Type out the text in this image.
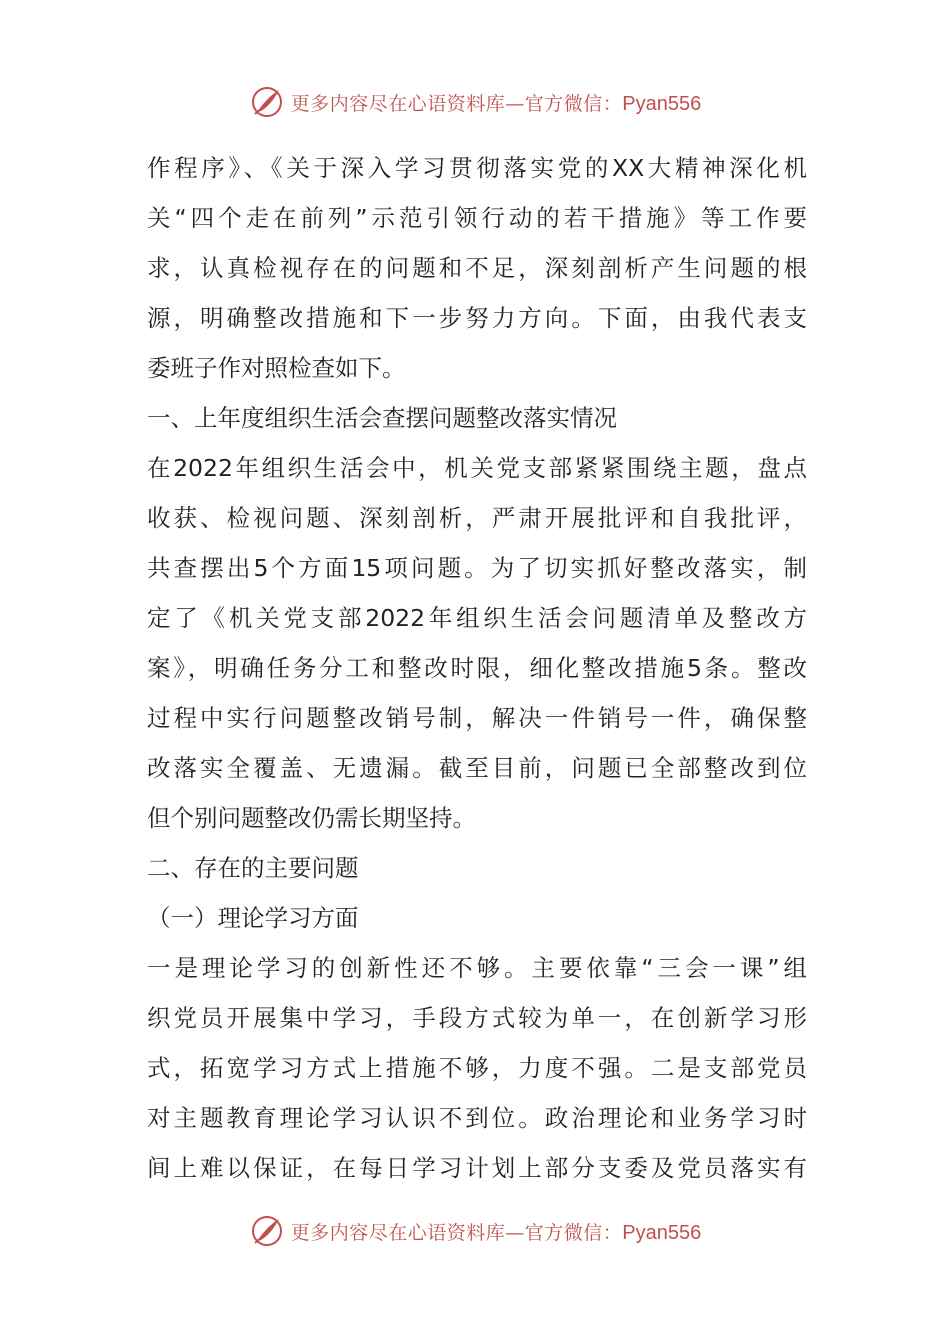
更多内容尽在心语资料库—官方微信：Pyan556
作程序》、《关于深入学习贯彻落实党的XX大精神深化机
关“四个走在前列”示范引领行动的若干措施》等工作要
求，认真检视存在的问题和不足，深刻剖析产生问题的根
源，明确整改措施和下一步努力方向。下面，由我代表支
委班子作对照检查如下。
一、上年度组织生活会查摆问题整改落实情况
在2022年组织生活会中，机关党支部紧紧围绕主题，盘点
收获、检视问题、深刻剖析，严肃开展批评和自我批评，
共查摆出5个方面15项问题。为了切实抓好整改落实，制
定了《机关党支部2022年组织生活会问题清单及整改方
案》，明确任务分工和整改时限，细化整改措施5条。整改
过程中实行问题整改销号制，解决一件销号一件，确保整
改落实全覆盖、无遗漏。截至目前，问题已全部整改到位
但个别问题整改仍需长期坚持。
二、存在的主要问题
（一）理论学习方面
一是理论学习的创新性还不够。主要依靠“三会一课”组
织党员开展集中学习，手段方式较为单一，在创新学习形
式，拓宽学习方式上措施不够，力度不强。二是支部党员
对主题教育理论学习认识不到位。政治理论和业务学习时
间上难以保证，在每日学习计划上部分支委及党员落实有
更多内容尽在心语资料库—官方微信：Pyan556
